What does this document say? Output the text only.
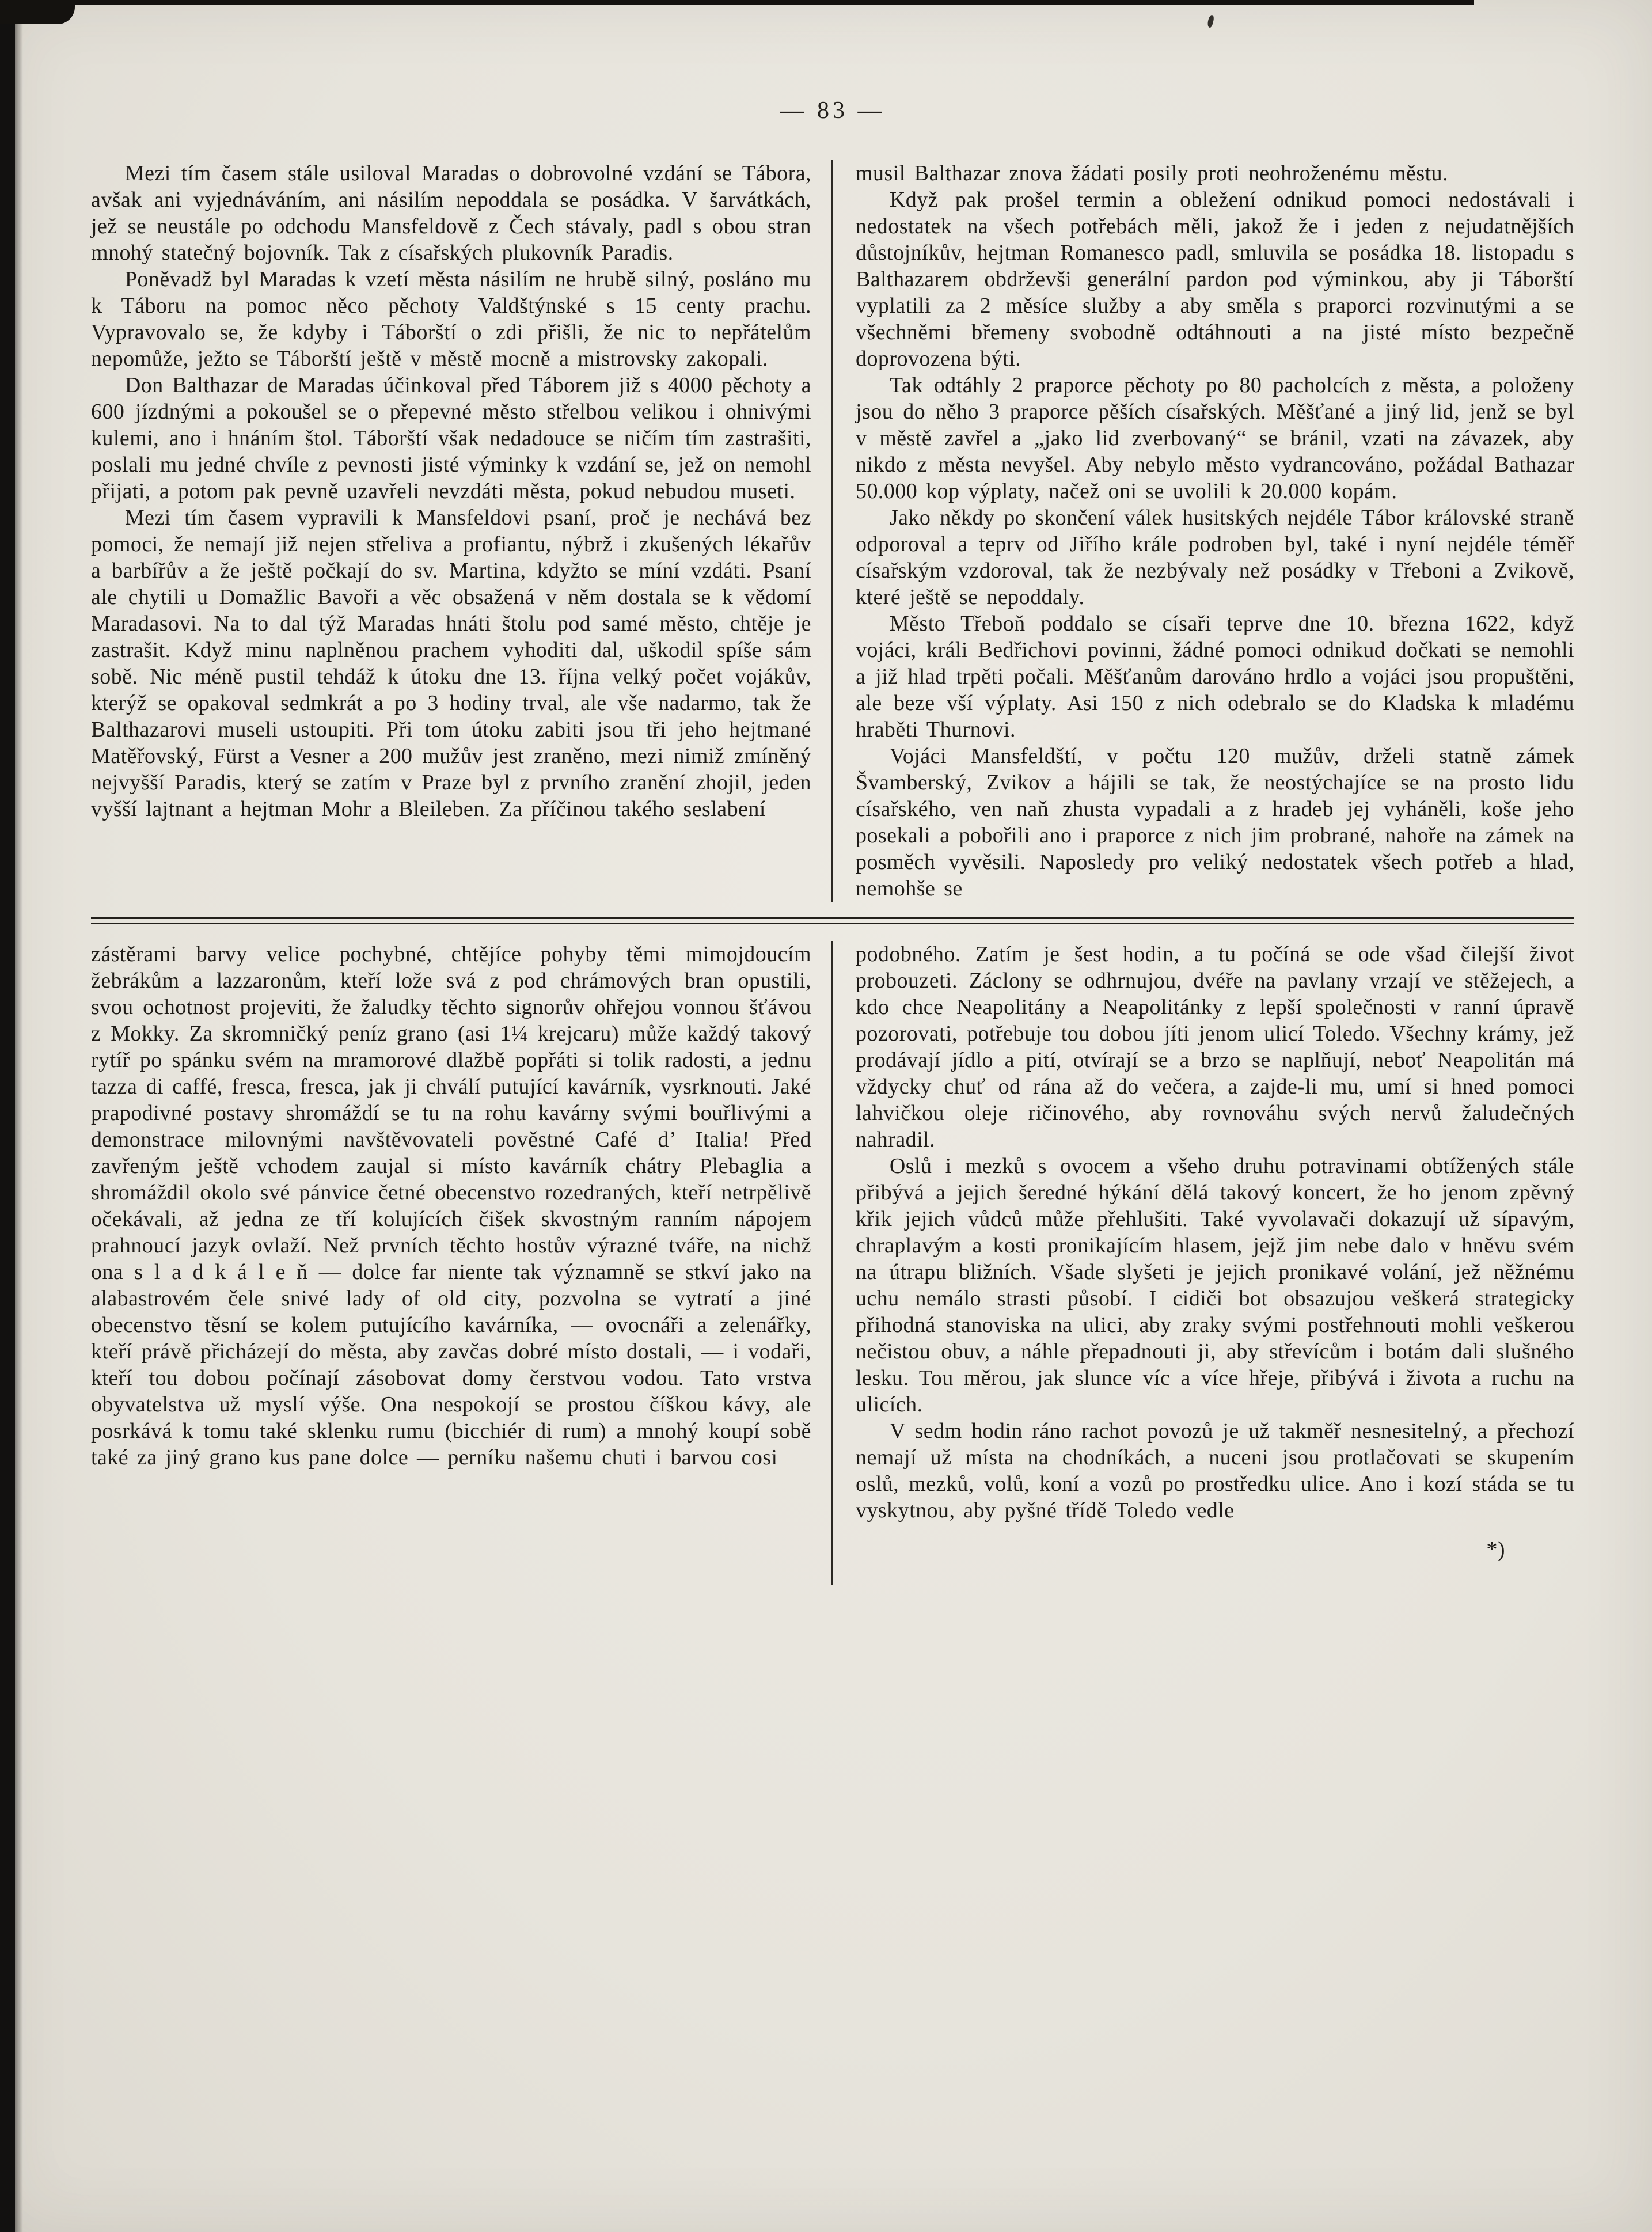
— 83 —

Mezi tím časem stále usiloval Maradas o dobrovolné vzdání se Tábora, avšak ani vyjednáváním, ani násilím nepoddala se posádka. V šarvátkách, jež se neustále po odchodu Mansfeldově z Čech stávaly, padl s obou stran mnohý statečný bojovník. Tak z císařských plukovník Paradis.

Poněvadž byl Maradas k vzetí města násilím ne hrubě silný, posláno mu k Táboru na pomoc něco pěchoty Valdštýnské s 15 centy prachu. Vypravovalo se, že kdyby i Táborští o zdi přišli, že nic to nepřátelům nepomůže, ježto se Táborští ještě v městě mocně a mistrovsky zakopali.

Don Balthazar de Maradas účinkoval před Táborem již s 4000 pěchoty a 600 jízdnými a pokoušel se o přepevné město střelbou velikou i ohnivými kulemi, ano i hnáním štol. Táborští však nedadouce se ničím tím zastrašiti, poslali mu jedné chvíle z pevnosti jisté výminky k vzdání se, jež on nemohl přijati, a potom pak pevně uzavřeli nevzdáti města, pokud nebudou museti.

Mezi tím časem vypravili k Mansfeldovi psaní, proč je nechává bez pomoci, že nemají již nejen střeliva a profiantu, nýbrž i zkušených lékařův a barbířův a že ještě počkají do sv. Martina, kdyžto se míní vzdáti. Psaní ale chytili u Domažlic Bavoři a věc obsažená v něm dostala se k vědomí Maradasovi. Na to dal týž Maradas hnáti štolu pod samé město, chtěje je zastrašit. Když minu naplněnou prachem vyhoditi dal, uškodil spíše sám sobě. Nic méně pustil tehdáž k útoku dne 13. října velký počet vojákův, kterýž se opakoval sedmkrát a po 3 hodiny trval, ale vše nadarmo, tak že Balthazarovi museli ustoupiti. Při tom útoku zabiti jsou tři jeho hejtmané Matěřovský, Fürst a Vesner a 200 mužův jest zraněno, mezi nimiž zmíněný nejvyšší Paradis, který se zatím v Praze byl z prvního zranění zhojil, jeden vyšší lajtnant a hejtman Mohr a Bleileben. Za příčinou takého seslabení

musil Balthazar znova žádati posily proti neohroženému městu.

Když pak prošel termin a obležení odnikud pomoci nedostávali i nedostatek na všech potřebách měli, jakož že i jeden z nejudatnějších důstojníkův, hejtman Romanesco padl, smluvila se posádka 18. listopadu s Balthazarem obdrževši generální pardon pod výminkou, aby ji Táborští vyplatili za 2 měsíce služby a aby směla s praporci rozvinutými a se všechněmi břemeny svobodně odtáhnouti a na jisté místo bezpečně doprovozena býti.

Tak odtáhly 2 praporce pěchoty po 80 pacholcích z města, a položeny jsou do něho 3 praporce pěších císařských. Měšťané a jiný lid, jenž se byl v městě zavřel a „jako lid zverbovaný“ se bránil, vzati na závazek, aby nikdo z města nevyšel. Aby nebylo město vydrancováno, požádal Bathazar 50.000 kop výplaty, načež oni se uvolili k 20.000 kopám.

Jako někdy po skončení válek husitských nejdéle Tábor královské straně odporoval a teprv od Jiřího krále podroben byl, také i nyní nejdéle téměř císařským vzdoroval, tak že nezbývaly než posádky v Třeboni a Zvikově, které ještě se nepoddaly.

Město Třeboň poddalo se císaři teprve dne 10. března 1622, když vojáci, králi Bedřichovi povinni, žádné pomoci odnikud dočkati se nemohli a již hlad trpěti počali. Měšťanům darováno hrdlo a vojáci jsou propuštěni, ale beze vší výplaty. Asi 150 z nich odebralo se do Kladska k mladému hraběti Thurnovi.

Vojáci Mansfeldští, v počtu 120 mužův, drželi statně zámek Švamberský, Zvikov a hájili se tak, že neostýchajíce se na prosto lidu císařského, ven naň zhusta vypadali a z hradeb jej vyháněli, koše jeho posekali a pobořili ano i praporce z nich jim probrané, nahoře na zámek na posměch vyvěsili. Naposledy pro veliký nedostatek všech potřeb a hlad, nemohše se

zástěrami barvy velice pochybné, chtějíce pohyby těmi mimojdoucím žebrákům a lazzaronům, kteří lože svá z pod chrámových bran opustili, svou ochotnost projeviti, že žaludky těchto signorův ohřejou vonnou šťávou z Mokky. Za skromničký peníz grano (asi 1¼ krejcaru) může každý takový rytíř po spánku svém na mramorové dlažbě popřáti si tolik radosti, a jednu tazza di caffé, fresca, fresca, jak ji chválí putující kavárník, vysrknouti. Jaké prapodivné postavy shromáždí se tu na rohu kavárny svými bouřlivými a demonstrace milovnými navštěvovateli pověstné Café d’ Italia! Před zavřeným ještě vchodem zaujal si místo kavárník chátry Plebaglia a shromáždil okolo své pánvice četné obecenstvo rozedraných, kteří netrpělivě očekávali, až jedna ze tří kolujících čišek skvostným ranním nápojem prahnoucí jazyk ovlaží. Než prvních těchto hostův výrazné tváře, na nichž ona s l a d k á l e ň — dolce far niente tak významně se stkví jako na alabastrovém čele snivé lady of old city, pozvolna se vytratí a jiné obecenstvo těsní se kolem putujícího kavárníka, — ovocnáři a zelenářky, kteří právě přicházejí do města, aby zavčas dobré místo dostali, — i vodaři, kteří tou dobou počínají zásobovat domy čerstvou vodou. Tato vrstva obyvatelstva už myslí výše. Ona nespokojí se prostou číškou kávy, ale posrkává k tomu také sklenku rumu (bicchiér di rum) a mnohý koupí sobě také za jiný grano kus pane dolce — perníku našemu chuti i barvou cosi

podobného. Zatím je šest hodin, a tu počíná se ode všad čilejší život probouzeti. Záclony se odhrnujou, dvéře na pavlany vrzají ve stěžejech, a kdo chce Neapolitány a Neapolitánky z lepší společnosti v ranní úpravě pozorovati, potřebuje tou dobou jíti jenom ulicí Toledo. Všechny krámy, jež prodávají jídlo a pití, otvírají se a brzo se naplňují, neboť Neapolitán má vždycky chuť od rána až do večera, a zajde-li mu, umí si hned pomoci lahvičkou oleje ričinového, aby rovnováhu svých nervů žaludečných nahradil.

Oslů i mezků s ovocem a všeho druhu potravinami obtížených stále přibývá a jejich šeredné hýkání dělá takový koncert, že ho jenom zpěvný křik jejich vůdců může přehlušiti. Také vyvolavači dokazují už sípavým, chraplavým a kosti pronikajícím hlasem, jejž jim nebe dalo v hněvu svém na útrapu bližních. Všade slyšeti je jejich pronikavé volání, jež něžnému uchu nemálo strasti působí. I cidiči bot obsazujou veškerá strategicky přihodná stanoviska na ulici, aby zraky svými postřehnouti mohli veškerou nečistou obuv, a náhle přepadnouti ji, aby střevícům i botám dali slušného lesku. Tou měrou, jak slunce víc a více hřeje, přibývá i života a ruchu na ulicích.

V sedm hodin ráno rachot povozů je už takměř nesnesitelný, a přechozí nemají už místa na chodníkách, a nuceni jsou protlačovati se skupením oslů, mezků, volů, koní a vozů po prostředku ulice. Ano i kozí stáda se tu vyskytnou, aby pyšné třídě Toledo vedle

*)
